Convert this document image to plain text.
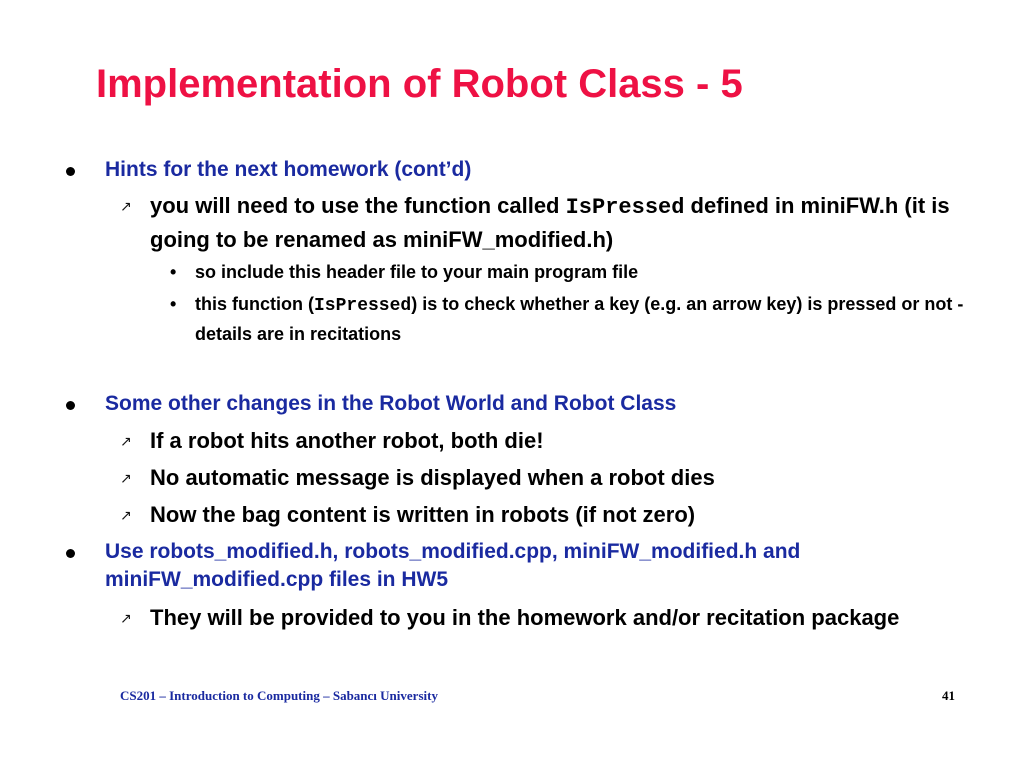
Implementation of Robot Class - 5
Hints for the next homework (cont’d)
↗ you will need to use the function called IsPressed defined in miniFW.h (it is going to be renamed as miniFW_modified.h)
• so include this header file to your main program file
• this function (IsPressed) is to check whether a key (e.g. an arrow key) is pressed or not - details are in recitations
Some other changes in the Robot World and Robot Class
↗ If a robot hits another robot, both die!
↗ No automatic message is displayed when a robot dies
↗ Now the bag content is written in robots (if not zero)
Use robots_modified.h, robots_modified.cpp, miniFW_modified.h and miniFW_modified.cpp files in HW5
↗ They will be provided to you in the homework and/or recitation package
CS201 – Introduction to Computing – Sabancı University	41
